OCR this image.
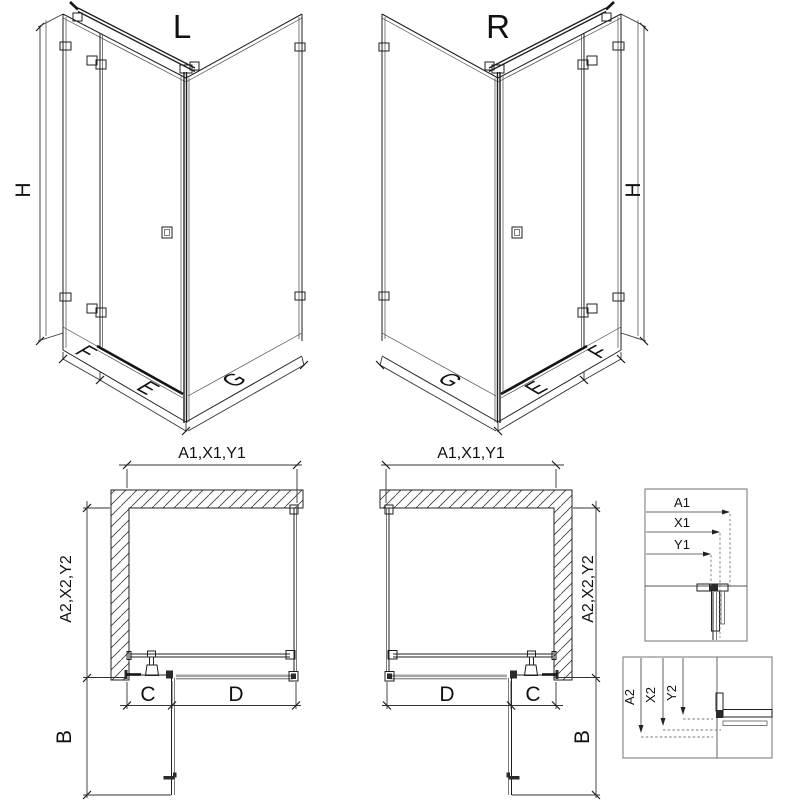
L
H
F
E G
R
H
F
E
G
A1,X1,Y1
A2,X2,Y2
C	D
B
A1,X1,Y1
A2,X2,Y2
D	C
B
A1
X1
Y1
A2 X2 Y2
